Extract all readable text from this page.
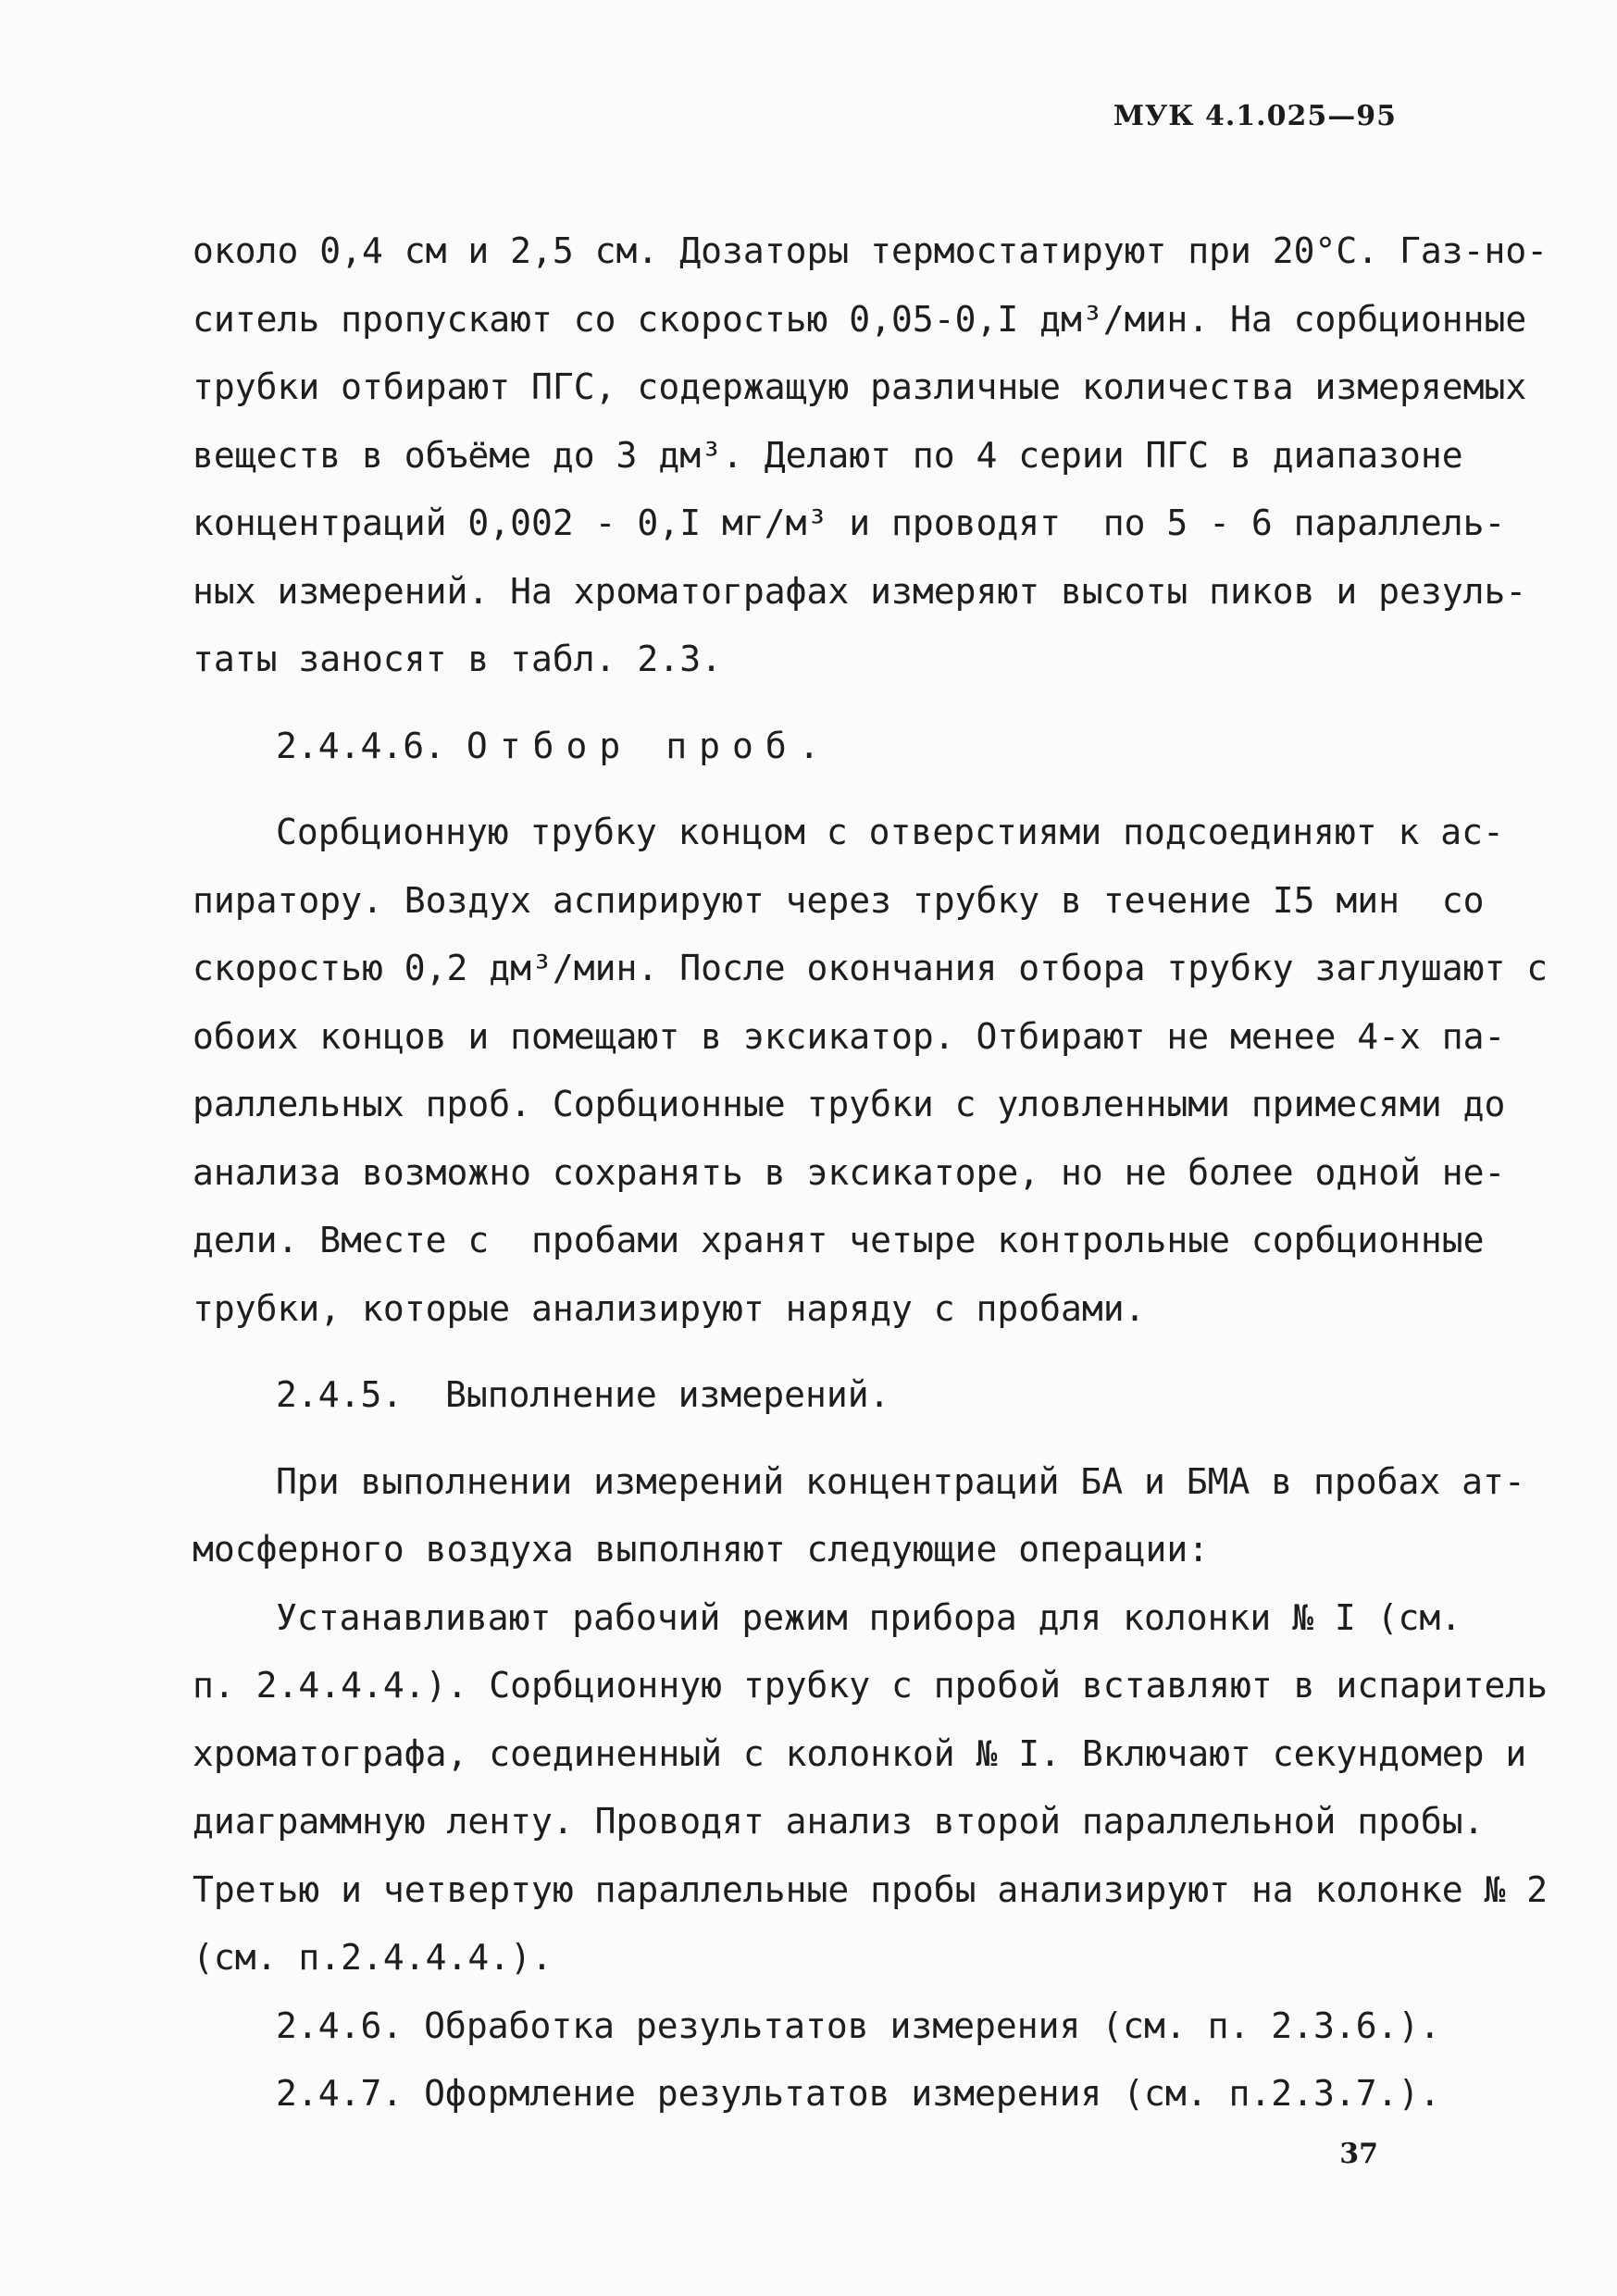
МУК 4.1.025—95
около 0,4 см и 2,5 см. Дозаторы термостатируют при 20°С. Газ-но-
ситель пропускают со скоростью 0,05-0,I дм³/мин. На сорбционные
трубки отбирают ПГС, содержащую различные количества измеряемых
веществ в объёме до 3 дм³. Делают по 4 серии ПГС в диапазоне
концентраций 0,002 - 0,I мг/м³ и проводят  по 5 - 6 параллель-
ных измерений. На хроматографах измеряют высоты пиков и резуль-
таты заносят в табл. 2.3.
2.4.4.6. Отбор проб.
Сорбционную трубку концом с отверстиями подсоединяют к ас-
пиратору. Воздух аспирируют через трубку в течение I5 мин  со
скоростью 0,2 дм³/мин. После окончания отбора трубку заглушают с
обоих концов и помещают в эксикатор. Отбирают не менее 4-х па-
раллельных проб. Сорбционные трубки с уловленными примесями до
анализа возможно сохранять в эксикаторе, но не более одной не-
дели. Вместе с  пробами хранят четыре контрольные сорбционные
трубки, которые анализируют наряду с пробами.
2.4.5.  Выполнение измерений.
При выполнении измерений концентраций БА и БМА в пробах ат-
мосферного воздуха выполняют следующие операции:
Устанавливают рабочий режим прибора для колонки № I (см.
п. 2.4.4.4.). Сорбционную трубку с пробой вставляют в испаритель
хроматографа, соединенный с колонкой № I. Включают секундомер и
диаграммную ленту. Проводят анализ второй параллельной пробы.
Третью и четвертую параллельные пробы анализируют на колонке № 2
(см. п.2.4.4.4.).
2.4.6. Обработка результатов измерения (см. п. 2.3.6.).
2.4.7. Оформление результатов измерения (см. п.2.3.7.).
37
